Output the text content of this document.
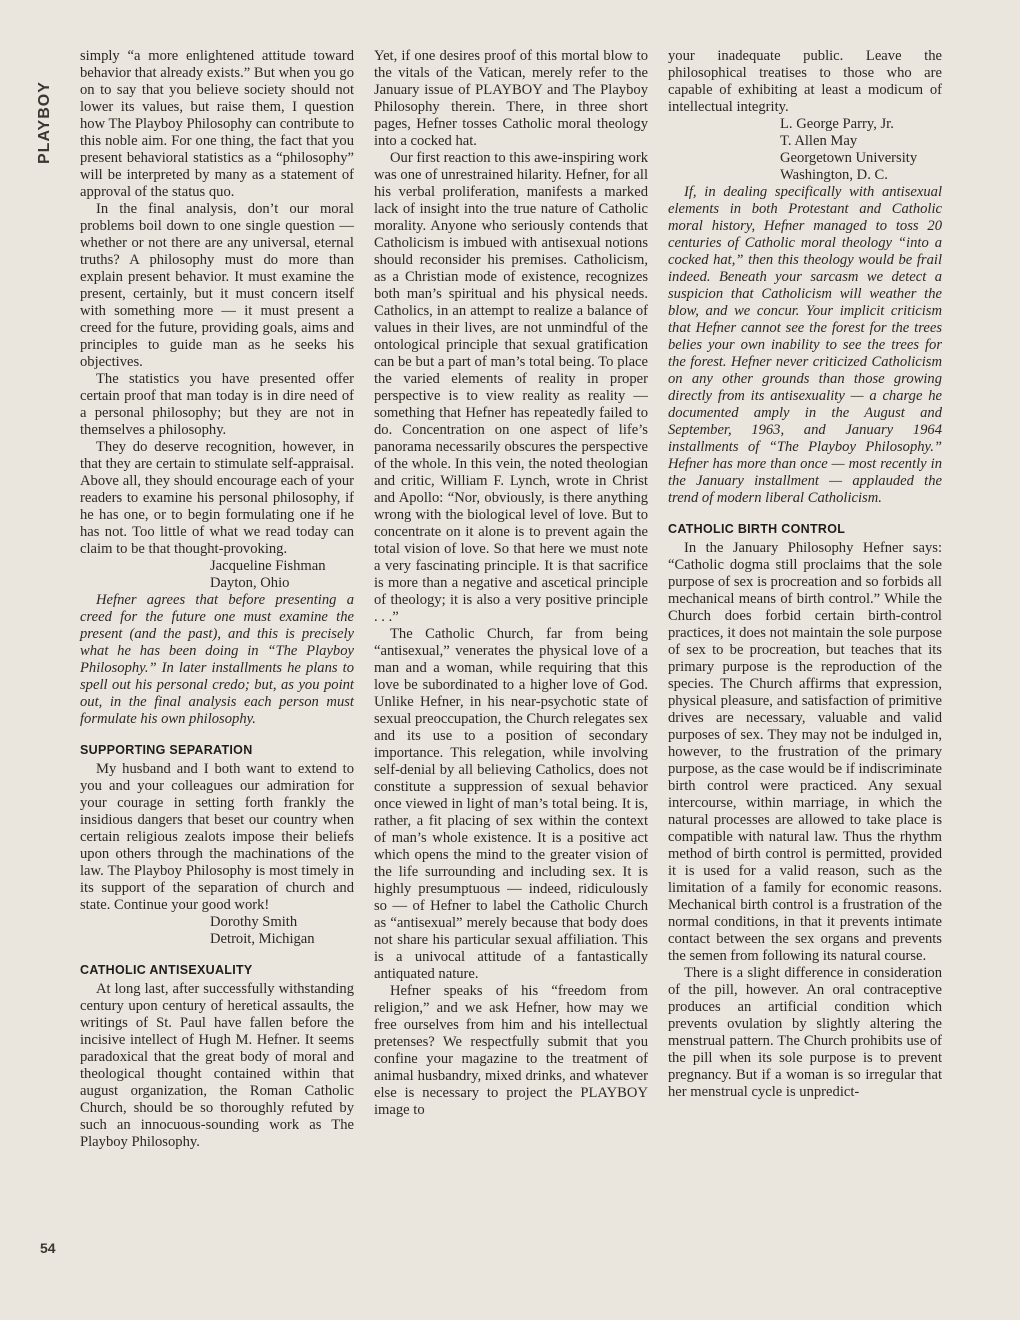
PLAYBOY
54

simply “a more enlightened attitude toward behavior that already exists.” But when you go on to say that you believe society should not lower its values, but raise them, I question how The Playboy Philosophy can contribute to this noble aim. For one thing, the fact that you present behavioral statistics as a “philosophy” will be interpreted by many as a statement of approval of the status quo.

In the final analysis, don’t our moral problems boil down to one single question — whether or not there are any universal, eternal truths? A philosophy must do more than explain present behavior. It must examine the present, certainly, but it must concern itself with something more — it must present a creed for the future, providing goals, aims and principles to guide man as he seeks his objectives.

The statistics you have presented offer certain proof that man today is in dire need of a personal philosophy; but they are not in themselves a philosophy.

They do deserve recognition, however, in that they are certain to stimulate self-appraisal. Above all, they should encourage each of your readers to examine his personal philosophy, if he has one, or to begin formulating one if he has not. Too little of what we read today can claim to be that thought-provoking.

Jacqueline Fishman
Dayton, Ohio

Hefner agrees that before presenting a creed for the future one must examine the present (and the past), and this is precisely what he has been doing in “The Playboy Philosophy.” In later installments he plans to spell out his personal credo; but, as you point out, in the final analysis each person must formulate his own philosophy.

SUPPORTING SEPARATION

My husband and I both want to extend to you and your colleagues our admiration for your courage in setting forth frankly the insidious dangers that beset our country when certain religious zealots impose their beliefs upon others through the machinations of the law. The Playboy Philosophy is most timely in its support of the separation of church and state. Continue your good work!

Dorothy Smith
Detroit, Michigan
CATHOLIC ANTISEXUALITY

At long last, after successfully withstanding century upon century of heretical assaults, the writings of St. Paul have fallen before the incisive intellect of Hugh M. Hefner. It seems paradoxical that the great body of moral and theological thought contained within that august organization, the Roman Catholic Church, should be so thoroughly refuted by such an innocuous-sounding work as The Playboy Philosophy.

Yet, if one desires proof of this mortal blow to the vitals of the Vatican, merely refer to the January issue of PLAYBOY and The Playboy Philosophy therein. There, in three short pages, Hefner tosses Catholic moral theology into a cocked hat.

Our first reaction to this awe-inspiring work was one of unrestrained hilarity. Hefner, for all his verbal proliferation, manifests a marked lack of insight into the true nature of Catholic morality. Anyone who seriously contends that Catholicism is imbued with antisexual notions should reconsider his premises. Catholicism, as a Christian mode of existence, recognizes both man’s spiritual and his physical needs. Catholics, in an attempt to realize a balance of values in their lives, are not unmindful of the ontological principle that sexual gratification can be but a part of man’s total being. To place the varied elements of reality in proper perspective is to view reality as reality — something that Hefner has repeatedly failed to do. Concentration on one aspect of life’s panorama necessarily obscures the perspective of the whole. In this vein, the noted theologian and critic, William F. Lynch, wrote in Christ and Apollo: “Nor, obviously, is there anything wrong with the biological level of love. But to concentrate on it alone is to prevent again the total vision of love. So that here we must note a very fascinating principle. It is that sacrifice is more than a negative and ascetical principle of theology; it is also a very positive principle . . .”

The Catholic Church, far from being “antisexual,” venerates the physical love of a man and a woman, while requiring that this love be subordinated to a higher love of God. Unlike Hefner, in his near-psychotic state of sexual preoccupation, the Church relegates sex and its use to a position of secondary importance. This relegation, while involving self-denial by all believing Catholics, does not constitute a suppression of sexual behavior once viewed in light of man’s total being. It is, rather, a fit placing of sex within the context of man’s whole existence. It is a positive act which opens the mind to the greater vision of the life surrounding and including sex. It is highly presumptuous — indeed, ridiculously so — of Hefner to label the Catholic Church as “antisexual” merely because that body does not share his particular sexual affiliation. This is a univocal attitude of a fantastically antiquated nature.

Hefner speaks of his “freedom from religion,” and we ask Hefner, how may we free ourselves from him and his intellectual pretenses? We respectfully submit that you confine your magazine to the treatment of animal husbandry, mixed drinks, and whatever else is necessary to project the PLAYBOY image to

your inadequate public. Leave the philosophical treatises to those who are capable of exhibiting at least a modicum of intellectual integrity.

L. George Parry, Jr.
T. Allen May
Georgetown University
Washington, D. C.

If, in dealing specifically with antisexual elements in both Protestant and Catholic moral history, Hefner managed to toss 20 centuries of Catholic moral theology “into a cocked hat,” then this theology would be frail indeed. Beneath your sarcasm we detect a suspicion that Catholicism will weather the blow, and we concur. Your implicit criticism that Hefner cannot see the forest for the trees belies your own inability to see the trees for the forest. Hefner never criticized Catholicism on any other grounds than those growing directly from its antisexuality — a charge he documented amply in the August and September, 1963, and January 1964 installments of “The Playboy Philosophy.” Hefner has more than once — most recently in the January installment — applauded the trend of modern liberal Catholicism.

CATHOLIC BIRTH CONTROL

In the January Philosophy Hefner says: “Catholic dogma still proclaims that the sole purpose of sex is procreation and so forbids all mechanical means of birth control.” While the Church does forbid certain birth-control practices, it does not maintain the sole purpose of sex to be procreation, but teaches that its primary purpose is the reproduction of the species. The Church affirms that expression, physical pleasure, and satisfaction of primitive drives are necessary, valuable and valid purposes of sex. They may not be indulged in, however, to the frustration of the primary purpose, as the case would be if indiscriminate birth control were practiced. Any sexual intercourse, within marriage, in which the natural processes are allowed to take place is compatible with natural law. Thus the rhythm method of birth control is permitted, provided it is used for a valid reason, such as the limitation of a family for economic reasons. Mechanical birth control is a frustration of the normal conditions, in that it prevents intimate contact between the sex organs and prevents the semen from following its natural course.

There is a slight difference in consideration of the pill, however. An oral contraceptive produces an artificial condition which prevents ovulation by slightly altering the menstrual pattern. The Church prohibits use of the pill when its sole purpose is to prevent pregnancy. But if a woman is so irregular that her menstrual cycle is unpredict-
